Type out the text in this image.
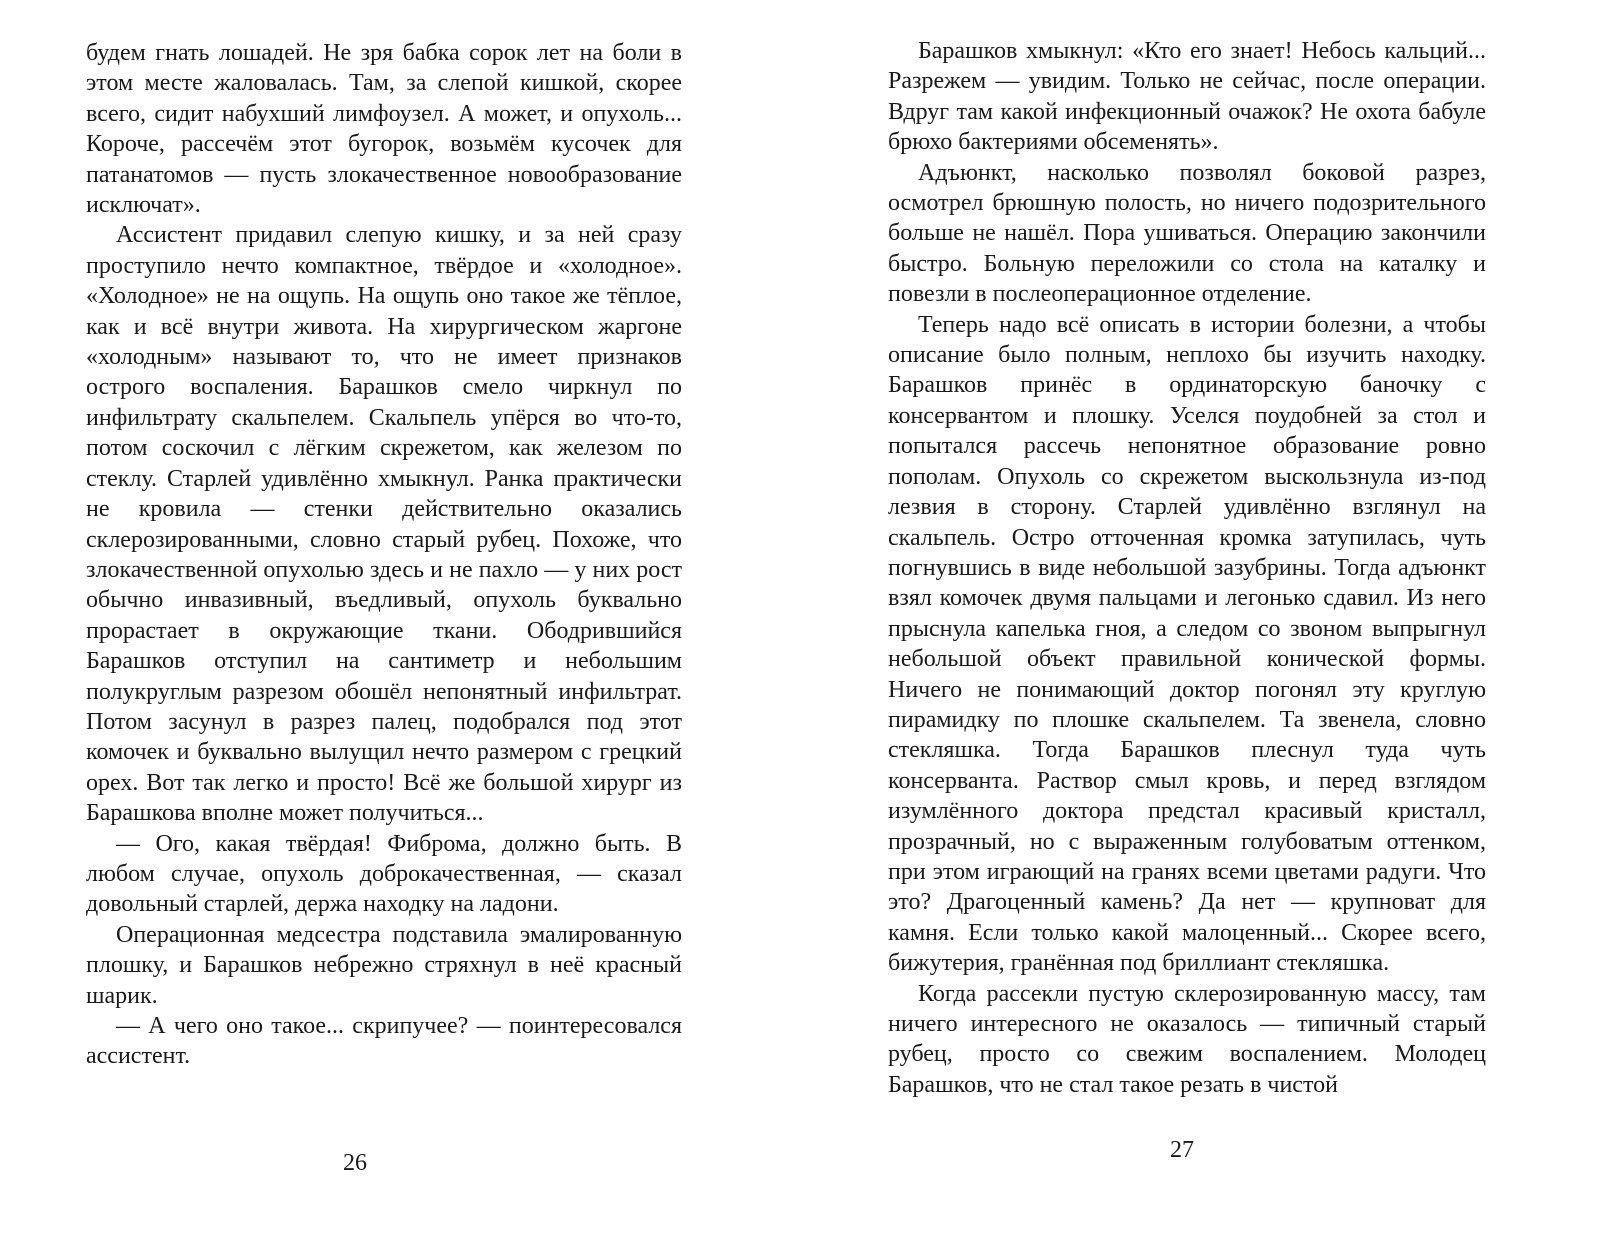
будем гнать лошадей. Не зря бабка сорок лет на боли в этом месте жаловалась. Там, за слепой кишкой, скорее всего, сидит набухший лимфоузел. А может, и опухоль... Короче, рассечём этот бугорок, возьмём кусочек для патанатомов — пусть злокачественное новообразование исключат».

Ассистент придавил слепую кишку, и за ней сразу проступило нечто компактное, твёрдое и «холодное». «Холодное» не на ощупь. На ощупь оно такое же тёплое, как и всё внутри живота. На хирургическом жаргоне «холодным» называют то, что не имеет признаков острого воспаления. Барашков смело чиркнул по инфильтрату скальпелем. Скальпель упёрся во что-то, потом соскочил с лёгким скрежетом, как железом по стеклу. Старлей удивлённо хмыкнул. Ранка практически не кровила — стенки действительно оказались склерозированными, словно старый рубец. Похоже, что злокачественной опухолью здесь и не пахло — у них рост обычно инвазивный, въедливый, опухоль буквально прорастает в окружающие ткани. Ободрившийся Барашков отступил на сантиметр и небольшим полукруглым разрезом обошёл непонятный инфильтрат. Потом засунул в разрез палец, подобрался под этот комочек и буквально вылущил нечто размером с грецкий орех. Вот так легко и просто! Всё же большой хирург из Барашкова вполне может получиться...

— Ого, какая твёрдая! Фиброма, должно быть. В любом случае, опухоль доброкачественная, — сказал довольный старлей, держа находку на ладони.

Операционная медсестра подставила эмалированную плошку, и Барашков небрежно стряхнул в неё красный шарик.

— А чего оно такое... скрипучее? — поинтересовался ассистент.

26

Барашков хмыкнул: «Кто его знает! Небось кальций... Разрежем — увидим. Только не сейчас, после операции. Вдруг там какой инфекционный очажок? Не охота бабуле брюхо бактериями обсеменять».

Адъюнкт, насколько позволял боковой разрез, осмотрел брюшную полость, но ничего подозрительного больше не нашёл. Пора ушиваться. Операцию закончили быстро. Больную переложили со стола на каталку и повезли в послеоперационное отделение.

Теперь надо всё описать в истории болезни, а чтобы описание было полным, неплохо бы изучить находку. Барашков принёс в ординаторскую баночку с консервантом и плошку. Уселся поудобней за стол и попытался рассечь непонятное образование ровно пополам. Опухоль со скрежетом выскользнула из-под лезвия в сторону. Старлей удивлённо взглянул на скальпель. Остро отточенная кромка затупилась, чуть погнувшись в виде небольшой зазубрины. Тогда адъюнкт взял комочек двумя пальцами и легонько сдавил. Из него прыснула капелька гноя, а следом со звоном выпрыгнул небольшой объект правильной конической формы. Ничего не понимающий доктор погонял эту круглую пирамидку по плошке скальпелем. Та звенела, словно стекляшка. Тогда Барашков плеснул туда чуть консерванта. Раствор смыл кровь, и перед взглядом изумлённого доктора предстал красивый кристалл, прозрачный, но с выраженным голубоватым оттенком, при этом играющий на гранях всеми цветами радуги. Что это? Драгоценный камень? Да нет — крупноват для камня. Если только какой малоценный... Скорее всего, бижутерия, гранённая под бриллиант стекляшка.

Когда рассекли пустую склерозированную массу, там ничего интересного не оказалось — типичный старый рубец, просто со свежим воспалением. Молодец Барашков, что не стал такое резать в чистой

27
